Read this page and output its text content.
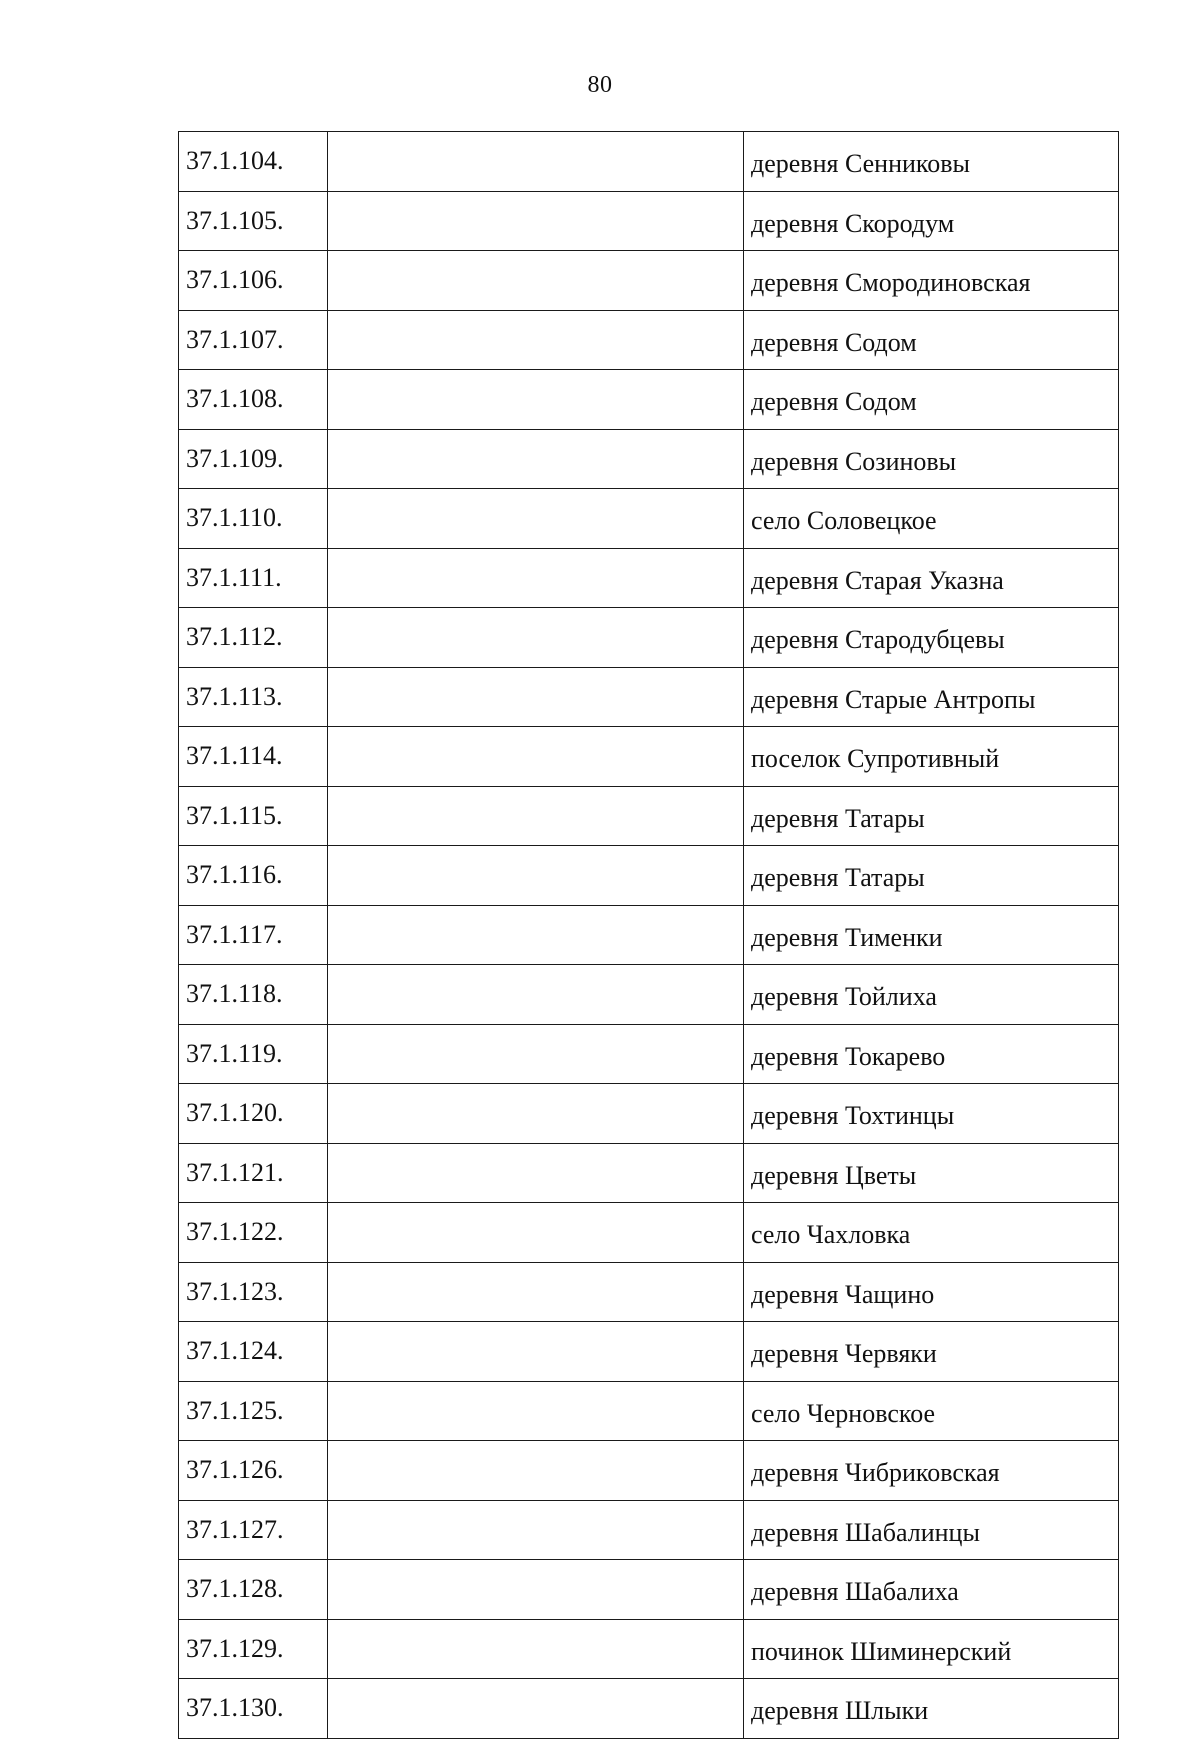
80
37.1.104.		деревня Сенниковы
37.1.105.		деревня Скородум
37.1.106.		деревня Смородиновская
37.1.107.		деревня Содом
37.1.108.		деревня Содом
37.1.109.		деревня Созиновы
37.1.110.		село Соловецкое
37.1.111.		деревня Старая Указна
37.1.112.		деревня Стародубцевы
37.1.113.		деревня Старые Антропы
37.1.114.		поселок Супротивный
37.1.115.		деревня Татары
37.1.116.		деревня Татары
37.1.117.		деревня Тименки
37.1.118.		деревня Тойлиха
37.1.119.		деревня Токарево
37.1.120.		деревня Тохтинцы
37.1.121.		деревня Цветы
37.1.122.		село Чахловка
37.1.123.		деревня Чащино
37.1.124.		деревня Червяки
37.1.125.		село Черновское
37.1.126.		деревня Чибриковская
37.1.127.		деревня Шабалинцы
37.1.128.		деревня Шабалиха
37.1.129.		починок Шиминерский
37.1.130.		деревня Шлыки
